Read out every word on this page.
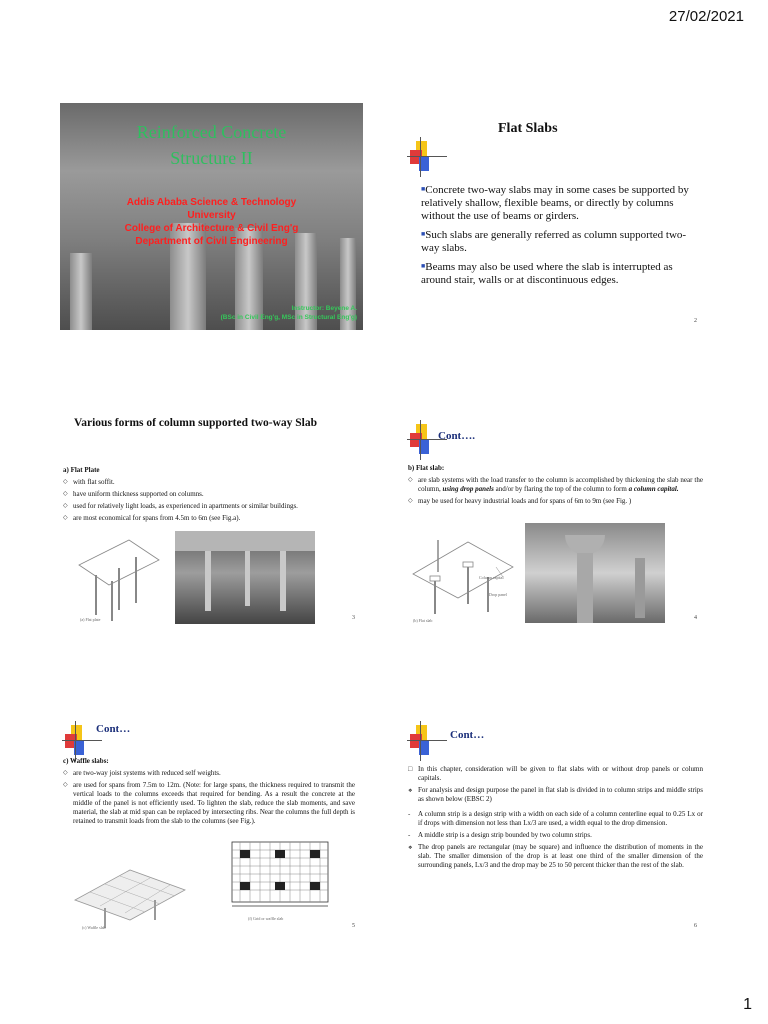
27/02/2021
Reinforced Concrete
Structure II
Addis Ababa Science & Technology
University
College of Architecture & Civil Eng'g
Department of Civil Engineering
Instructor: Beyene A.
(BSc in Civil Eng'g, MSc in Structural Eng'g)
Flat Slabs

■Concrete two-way slabs may in some cases be supported by relatively shallow, flexible beams, or directly by columns without the use of beams or girders.

■Such slabs are generally referred as column supported two-way slabs.

■Beams may also be used where the slab is interrupted as around stair, walls or at discontinuous edges.

2
Various forms of column supported two-way Slab

a) Flat Plate

◇ with flat soffit.

◇ have uniform thickness supported on columns.

◇ used for relatively light loads, as experienced in apartments or similar buildings.

◇ are most economical for spans from 4.5m to 6m (see Fig.a).

(a) Flat plate	3
Cont….

b) Flat slab:

◇ are slab systems with the load transfer to the column is accomplished by thickening the slab near the column, using drop panels and/or by flaring the top of the column to form a column capital.

◇ may be used for heavy industrial loads and for spans of 6m to 9m (see Fig. )

Column capital
Drop panel
(b) Flat slab	4
Cont…

c) Waffle slabs:

◇ are two-way joist systems with reduced self weights.

◇ are used for spans from 7.5m to 12m. (Note: for large spans, the thickness required to transmit the vertical loads to the columns exceeds that required for bending. As a result the concrete at the middle of the panel is not efficiently used. To lighten the slab, reduce the slab moments, and save material, the slab at mid span can be replaced by intersecting ribs. Near the columns the full depth is retained to transmit loads from the slab to the columns (see Fig.).

(c) Waffle slab
(f) Grid or waffle slab
5
Cont…

□ In this chapter, consideration will be given to flat slabs with or without drop panels or column capitals.

❖ For analysis and design purpose the panel in flat slab is divided in to column strips and middle strips as shown below (EBSC 2)

- A column strip is a design strip with a width on each side of a column centerline equal to 0.25 Lx or if drops with dimension not less than Lx/3 are used, a width equal to the drop dimension.

- A middle strip is a design strip bounded by two column strips.

❖ The drop panels are rectangular (may be square) and influence the distribution of moments in the slab. The smaller dimension of the drop is at least one third of the smaller dimension of the surrounding panels, Lx/3 and the drop may be 25 to 50 percent thicker than the rest of the slab.

6
1
